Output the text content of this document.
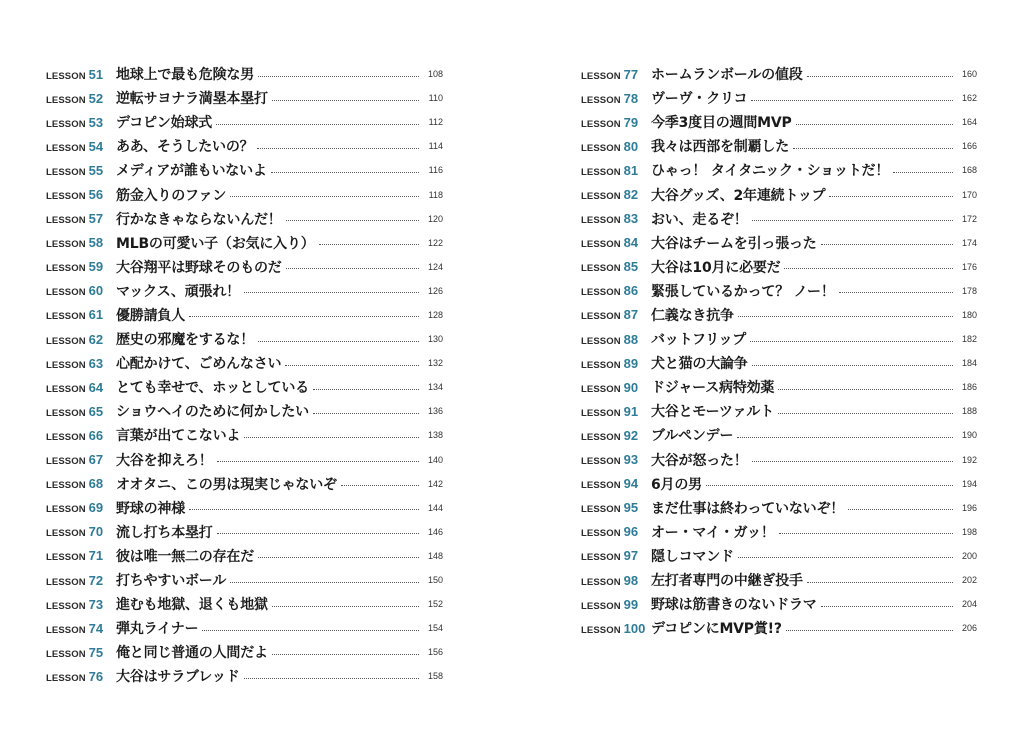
LESSON 51 地球上で最も危険な男	108
LESSON 52 逆転サヨナラ満塁本塁打	110
LESSON 53 デコピン始球式	112
LESSON 54 ああ、そうしたいの？	114
LESSON 55 メディアが誰もいないよ	116
LESSON 56 筋金入りのファン	118
LESSON 57 行かなきゃならないんだ！	120
LESSON 58 MLBの可愛い子（お気に入り）	122
LESSON 59 大谷翔平は野球そのものだ	124
LESSON 60 マックス、頑張れ！	126
LESSON 61 優勝請負人	128
LESSON 62 歴史の邪魔をするな！	130
LESSON 63 心配かけて、ごめんなさい	132
LESSON 64 とても幸せで、ホッとしている	134
LESSON 65 ショウヘイのために何かしたい	136
LESSON 66 言葉が出てこないよ	138
LESSON 67 大谷を抑えろ！	140
LESSON 68 オオタニ、この男は現実じゃないぞ	142
LESSON 69 野球の神様	144
LESSON 70 流し打ち本塁打	146
LESSON 71 彼は唯一無二の存在だ	148
LESSON 72 打ちやすいボール	150
LESSON 73 進むも地獄、退くも地獄	152
LESSON 74 弾丸ライナー	154
LESSON 75 俺と同じ普通の人間だよ	156
LESSON 76 大谷はサラブレッド	158
LESSON 77 ホームランボールの値段	160
LESSON 78 ヴーヴ・クリコ	162
LESSON 79 今季3度目の週間MVP	164
LESSON 80 我々は西部を制覇した	166
LESSON 81 ひゃっ！ タイタニック・ショットだ！	168
LESSON 82 大谷グッズ、2年連続トップ	170
LESSON 83 おい、走るぞ！	172
LESSON 84 大谷はチームを引っ張った	174
LESSON 85 大谷は10月に必要だ	176
LESSON 86 緊張しているかって？ ノー！	178
LESSON 87 仁義なき抗争	180
LESSON 88 バットフリップ	182
LESSON 89 犬と猫の大論争	184
LESSON 90 ドジャース病特効薬	186
LESSON 91 大谷とモーツァルト	188
LESSON 92 ブルペンデー	190
LESSON 93 大谷が怒った！	192
LESSON 94 6月の男	194
LESSON 95 まだ仕事は終わっていないぞ！	196
LESSON 96 オー・マイ・ガッ！	198
LESSON 97 隠しコマンド	200
LESSON 98 左打者専門の中継ぎ投手	202
LESSON 99 野球は筋書きのないドラマ	204
LESSON 100 デコピンにMVP賞!?	206
